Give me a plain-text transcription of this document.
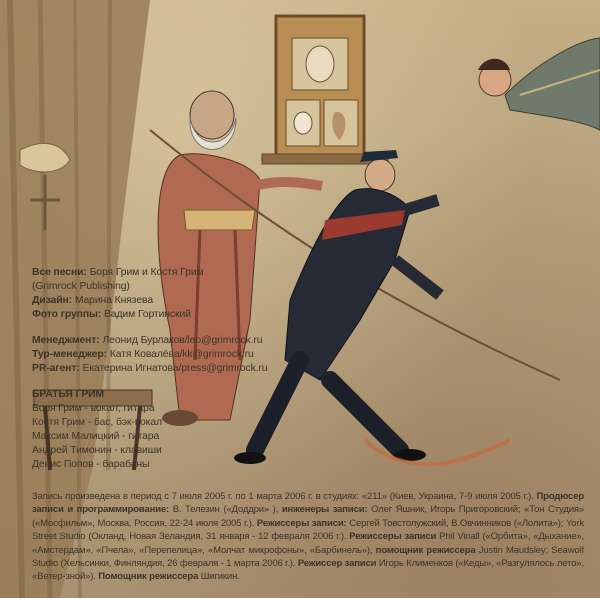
Все песни: Боря Грим и Костя Грим
(Grimrock Publishing)
Дизайн: Марина Князева
Фото группы: Вадим Гортинский
Менеджмент: Леонид Бурлаков/leo@grimrock.ru
Тур-менеджер: Катя Ковалёва/kk@grimrock.ru
PR-агент: Екатерина Игнатова/press@grimrock.ru
БРАТЬЯ ГРИМ
Боря Грим - вокал, гитара
Костя Грим - бас, бэк-вокал
Максим Малицкий - гитара
Андрей Тимонин - клавиши
Денис Попов - барабаны
Запись произведена в период с 7 июля 2005 г. по 1 марта 2006 г. в студиях: «211» (Киев, Украина, 7-9 июля 2005 г.). Продюсер записи и программирование: В. Телезин («Доддри» ), инженеры записи: Олег Яшник, Игорь Пригоровский; «Тон Студия» («Мосфильм», Москва, Россия, 22-24 июля 2005 г.). Режиссеры записи: Сергей Товстолужский, В.Овчинников («Лолита»); York Street Studio (Окланд, Новая Зеландия, 31 января - 12 февраля 2006 г.). Режиссеры записи Phil Vinall («Орбита», «Дыхание», «Амстердам», «Пчела», «Перепелица», «Молчат микрофоны», «Барбинель»), помощник режиссера Justin Maudsley; Seawolf Studio (Хельсинки, Финляндия, 26 февраля - 1 марта 2006 г.). Режиссер записи Игорь Клименков («Кеды», «Разгулялось лето», «Ветер-зной»). Помощник режиссера Шигикин.
